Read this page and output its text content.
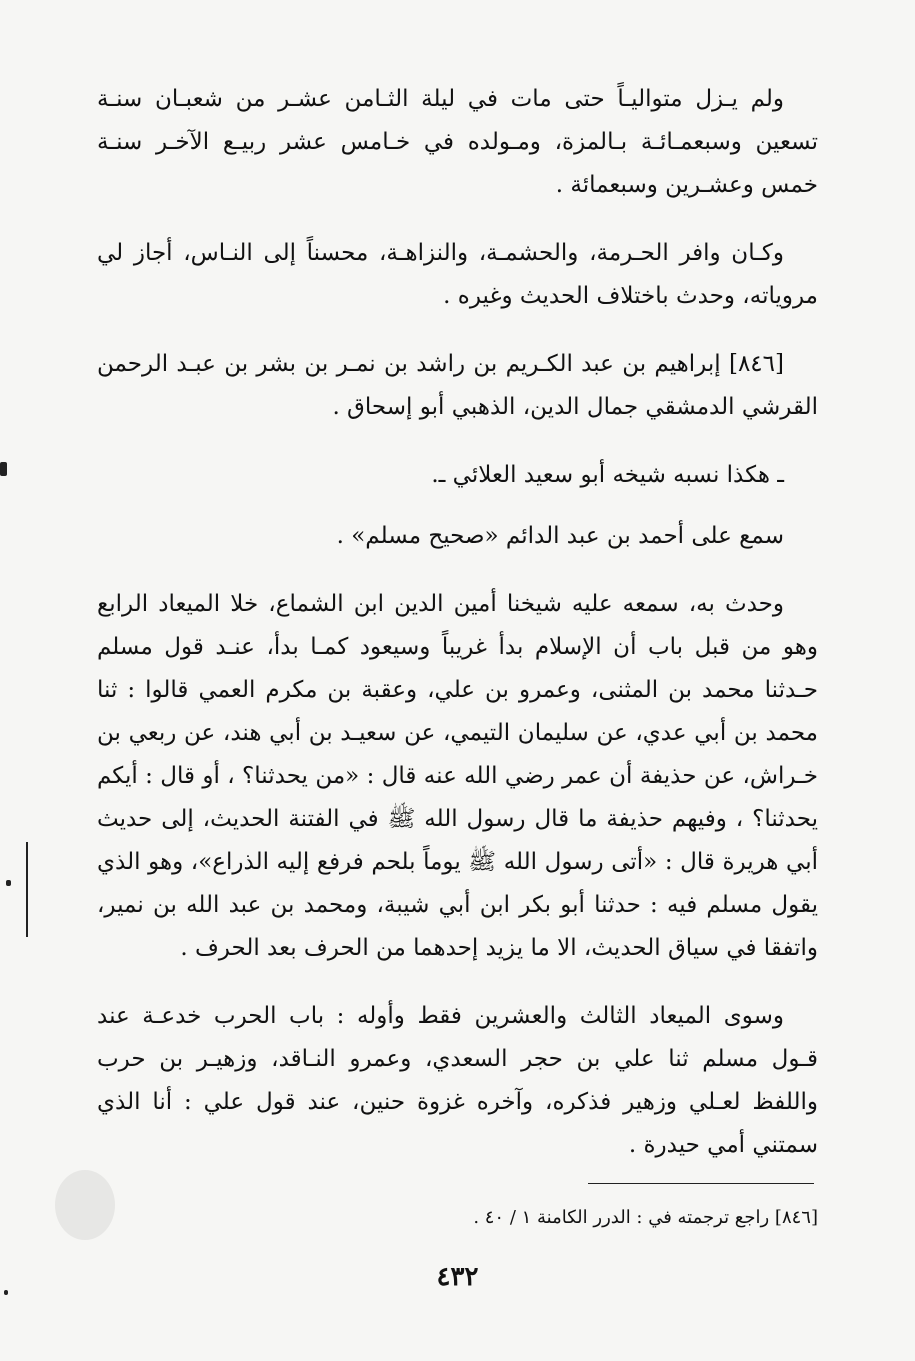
ولم يـزل متواليـاً حتى مات في ليلة الثـامن عشـر من شعبـان سنـة تسعين وسبعمـائـة بـالمزة، ومـولده في خـامس عشر ربيـع الآخـر سنـة خمس وعشـرين وسبعمائة .

وكـان وافر الحـرمة، والحشمـة، والنزاهـة، محسناً إلى النـاس، أجاز لي مروياته، وحدث باختلاف الحديث وغيره .

[٨٤٦] إبراهيم بن عبد الكـريم بن راشد بن نمـر بن بشر بن عبـد الرحمن القرشي الدمشقي جمال الدين، الذهبي أبو إسحاق .

ـ هكذا نسبه شيخه أبو سعيد العلائي ـ.

سمع على أحمد بن عبد الدائم «صحيح مسلم» .

وحدث به، سمعه عليه شيخنا أمين الدين ابن الشماع، خلا الميعاد الرابع وهو من قبل باب أن الإسلام بدأ غريباً وسيعود كمـا بدأ، عنـد قول مسلم حـدثنا محمد بن المثنى، وعمرو بن علي، وعقبة بن مكرم العمي قالوا : ثنا محمد بن أبي عدي، عن سليمان التيمي، عن سعيـد بن أبي هند، عن ربعي بن خـراش، عن حذيفة أن عمر رضي الله عنه قال : «من يحدثنا؟ ، أو قال : أيكم يحدثنا؟ ، وفيهم حذيفة ما قال رسول الله ﷺ في الفتنة الحديث، إلى حديث أبي هريرة قال : «أتى رسول الله ﷺ يوماً بلحم فرفع إليه الذراع»، وهو الذي يقول مسلم فيه : حدثنا أبو بكر ابن أبي شيبة، ومحمد بن عبد الله بن نمير، واتفقا في سياق الحديث، الا ما يزيد إحدهما من الحرف بعد الحرف .

وسوى الميعاد الثالث والعشرين فقط وأوله : باب الحرب خدعـة عند قـول مسلم ثنا علي بن حجر السعدي، وعمرو النـاقد، وزهيـر بن حرب واللفظ لعـلي وزهير فذكره، وآخره غزوة حنين، عند قول علي : أنا الذي سمتني أمي حيدرة .

[٨٤٦] راجع ترجمته في : الدرر الكامنة ١ / ٤٠ .
٤٣٢
